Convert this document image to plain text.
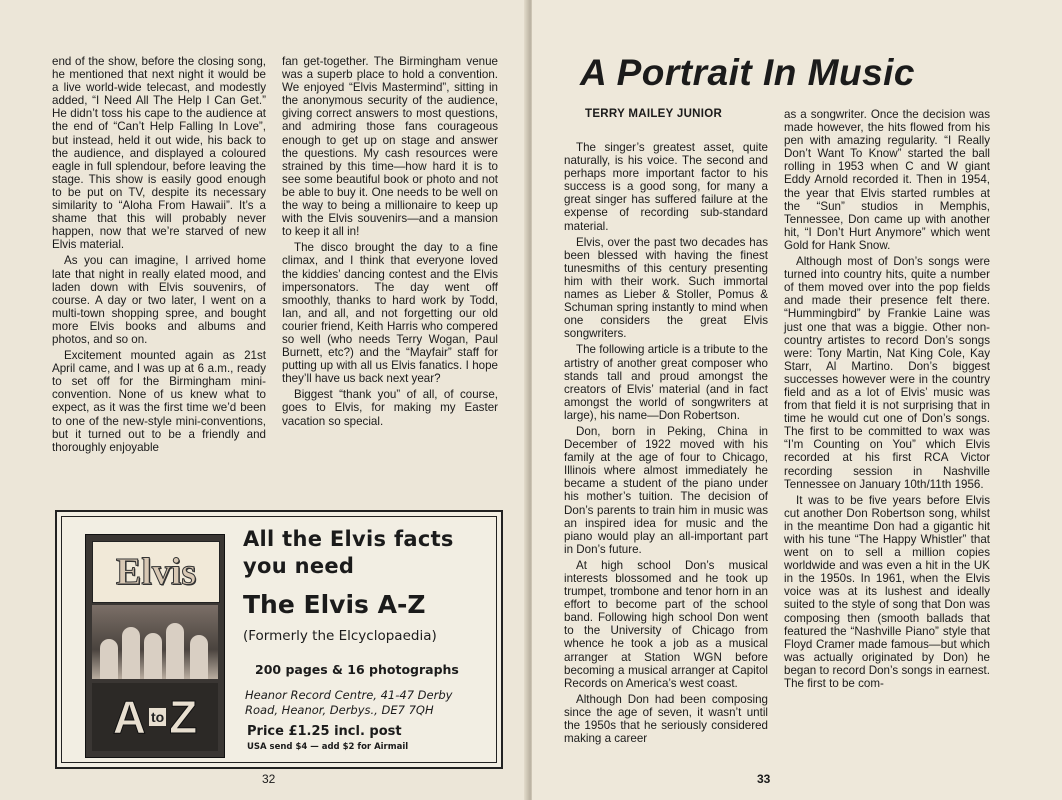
end of the show, before the closing song, he mentioned that next night it would be a live world-wide telecast, and modestly added, “I Need All The Help I Can Get.” He didn’t toss his cape to the audience at the end of “Can’t Help Falling In Love”, but instead, held it out wide, his back to the audience, and displayed a coloured eagle in full splendour, before leaving the stage. This show is easily good enough to be put on TV, despite its necessary similarity to “Aloha From Hawaii”. It’s a shame that this will probably never happen, now that we’re starved of new Elvis material.

As you can imagine, I arrived home late that night in really elated mood, and laden down with Elvis souvenirs, of course. A day or two later, I went on a multi-town shopping spree, and bought more Elvis books and albums and photos, and so on.

Excitement mounted again as 21st April came, and I was up at 6 a.m., ready to set off for the Birmingham mini-convention. None of us knew what to expect, as it was the first time we’d been to one of the new-style mini-conventions, but it turned out to be a friendly and thoroughly enjoyable

fan get-together. The Birmingham venue was a superb place to hold a convention. We enjoyed “Elvis Mastermind”, sitting in the anonymous security of the audience, giving correct answers to most questions, and admiring those fans courageous enough to get up on stage and answer the questions. My cash resources were strained by this time—how hard it is to see some beautiful book or photo and not be able to buy it. One needs to be well on the way to being a millionaire to keep up with the Elvis souvenirs—and a mansion to keep it all in!

The disco brought the day to a fine climax, and I think that everyone loved the kiddies’ dancing contest and the Elvis impersonators. The day went off smoothly, thanks to hard work by Todd, Ian, and all, and not forgetting our old courier friend, Keith Harris who compered so well (who needs Terry Wogan, Paul Burnett, etc?) and the “Mayfair” staff for putting up with all us Elvis fanatics. I hope they’ll have us back next year?

Biggest “thank you” of all, of course, goes to Elvis, for making my Easter vacation so special.

Elvis
A to Z
All the Elvis facts
you need
The Elvis A-Z
(Formerly the Elcyclopaedia)
200 pages & 16 photographs
Heanor Record Centre, 41-47 Derby
Road, Heanor, Derbys., DE7 7QH
Price £1.25 incl. post
USA send $4 — add $2 for Airmail
32
A Portrait In Music
TERRY MAILEY JUNIOR

The singer’s greatest asset, quite naturally, is his voice. The second and perhaps more important factor to his success is a good song, for many a great singer has suffered failure at the expense of recording sub-standard material.

Elvis, over the past two decades has been blessed with having the finest tunesmiths of this century presenting him with their work. Such immortal names as Lieber & Stoller, Pomus & Schuman spring instantly to mind when one considers the great Elvis songwriters.

The following article is a tribute to the artistry of another great composer who stands tall and proud amongst the creators of Elvis’ material (and in fact amongst the world of songwriters at large), his name—Don Robertson.

Don, born in Peking, China in December of 1922 moved with his family at the age of four to Chicago, Illinois where almost immediately he became a student of the piano under his mother’s tuition. The decision of Don’s parents to train him in music was an inspired idea for music and the piano would play an all-important part in Don’s future.

At high school Don’s musical interests blossomed and he took up trumpet, trombone and tenor horn in an effort to become part of the school band. Following high school Don went to the University of Chicago from whence he took a job as a musical arranger at Station WGN before becoming a musical arranger at Capitol Records on America’s west coast.

Although Don had been composing since the age of seven, it wasn’t until the 1950s that he seriously considered making a career

as a songwriter. Once the decision was made however, the hits flowed from his pen with amazing regularity. “I Really Don’t Want To Know” started the ball rolling in 1953 when C and W giant Eddy Arnold recorded it. Then in 1954, the year that Elvis started rumbles at the “Sun” studios in Memphis, Tennessee, Don came up with another hit, “I Don’t Hurt Anymore” which went Gold for Hank Snow.

Although most of Don’s songs were turned into country hits, quite a number of them moved over into the pop fields and made their presence felt there. “Hummingbird” by Frankie Laine was just one that was a biggie. Other non-country artistes to record Don’s songs were: Tony Martin, Nat King Cole, Kay Starr, Al Martino. Don’s biggest successes however were in the country field and as a lot of Elvis’ music was from that field it is not surprising that in time he would cut one of Don’s songs. The first to be committed to wax was “I’m Counting on You” which Elvis recorded at his first RCA Victor recording session in Nashville Tennessee on January 10th/11th 1956.

It was to be five years before Elvis cut another Don Robertson song, whilst in the meantime Don had a gigantic hit with his tune “The Happy Whistler” that went on to sell a million copies worldwide and was even a hit in the UK in the 1950s. In 1961, when the Elvis voice was at its lushest and ideally suited to the style of song that Don was composing then (smooth ballads that featured the “Nashville Piano” style that Floyd Cramer made famous—but which was actually originated by Don) he began to record Don’s songs in earnest. The first to be com-

33
